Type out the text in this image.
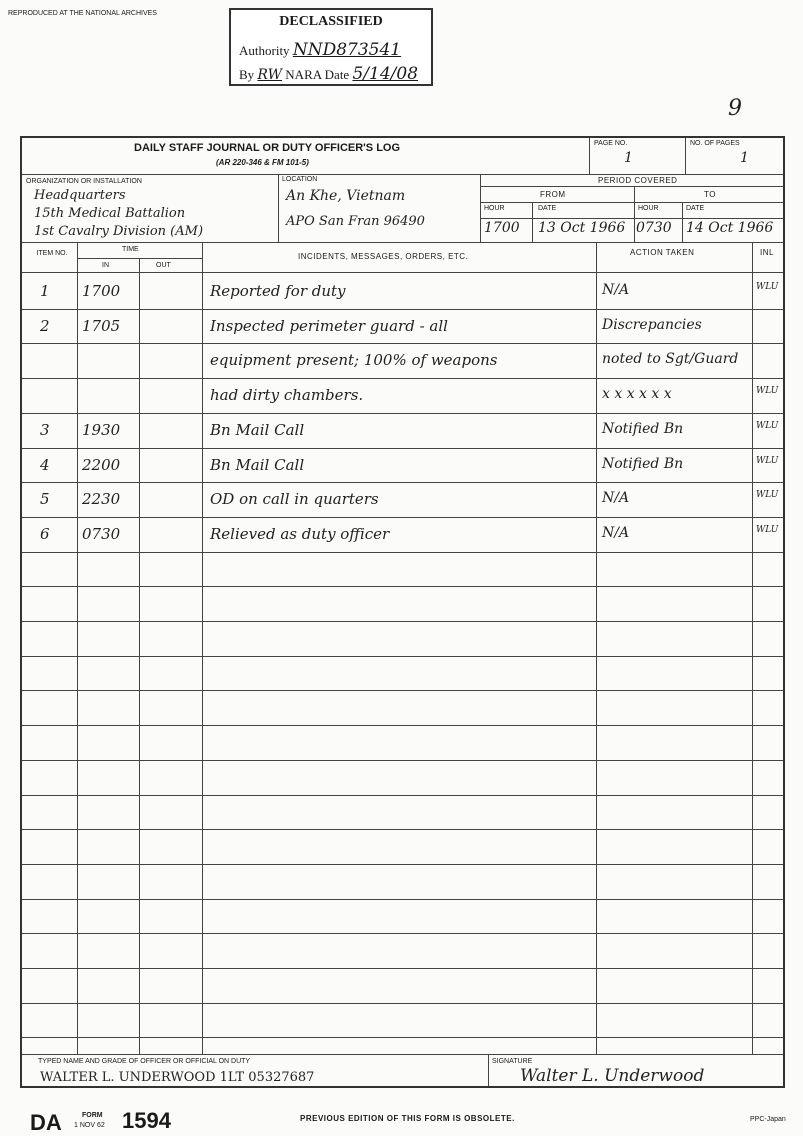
REPRODUCED AT THE NATIONAL ARCHIVES
DECLASSIFIED
Authority NND873541
By RW NARA Date 5/14/08
9
DAILY STAFF JOURNAL OR DUTY OFFICER'S LOG
(AR 220-346 & FM 101-5)
PAGE NO.
1
NO. OF PAGES
1
ORGANIZATION OR INSTALLATION
Headquarters
15th Medical Battalion
1st Cavalry Division (AM)
LOCATION
An Khe, Vietnam
APO San Fran 96490
PERIOD COVERED
FROM	TO
HOUR	DATE	HOUR	DATE
1700 13 Oct 1966 0730 14 Oct 1966
ITEM NO.
TIME
IN	OUT
INCIDENTS, MESSAGES, ORDERS, ETC.	ACTION TAKEN	INL
1 1700	Reported for duty	N/A	WLU
2 1705	Inspected perimeter guard - all	Discrepancies
equipment present; 100% of weapons	noted to Sgt/Guard
had dirty chambers.	x x x x x x	WLU
3 1930	Bn Mail Call	Notified Bn	WLU
4 2200	Bn Mail Call	Notified Bn	WLU
5 2230	OD on call in quarters	N/A	WLU
6 0730	Relieved as duty officer	N/A	WLU
TYPED NAME AND GRADE OF OFFICER OR OFFICIAL ON DUTY
WALTER L. UNDERWOOD 1LT 05327687
SIGNATURE
Walter L. Underwood
DA	FORM
1 NOV 62 1594	PREVIOUS EDITION OF THIS FORM IS OBSOLETE.	PPC-Japan
